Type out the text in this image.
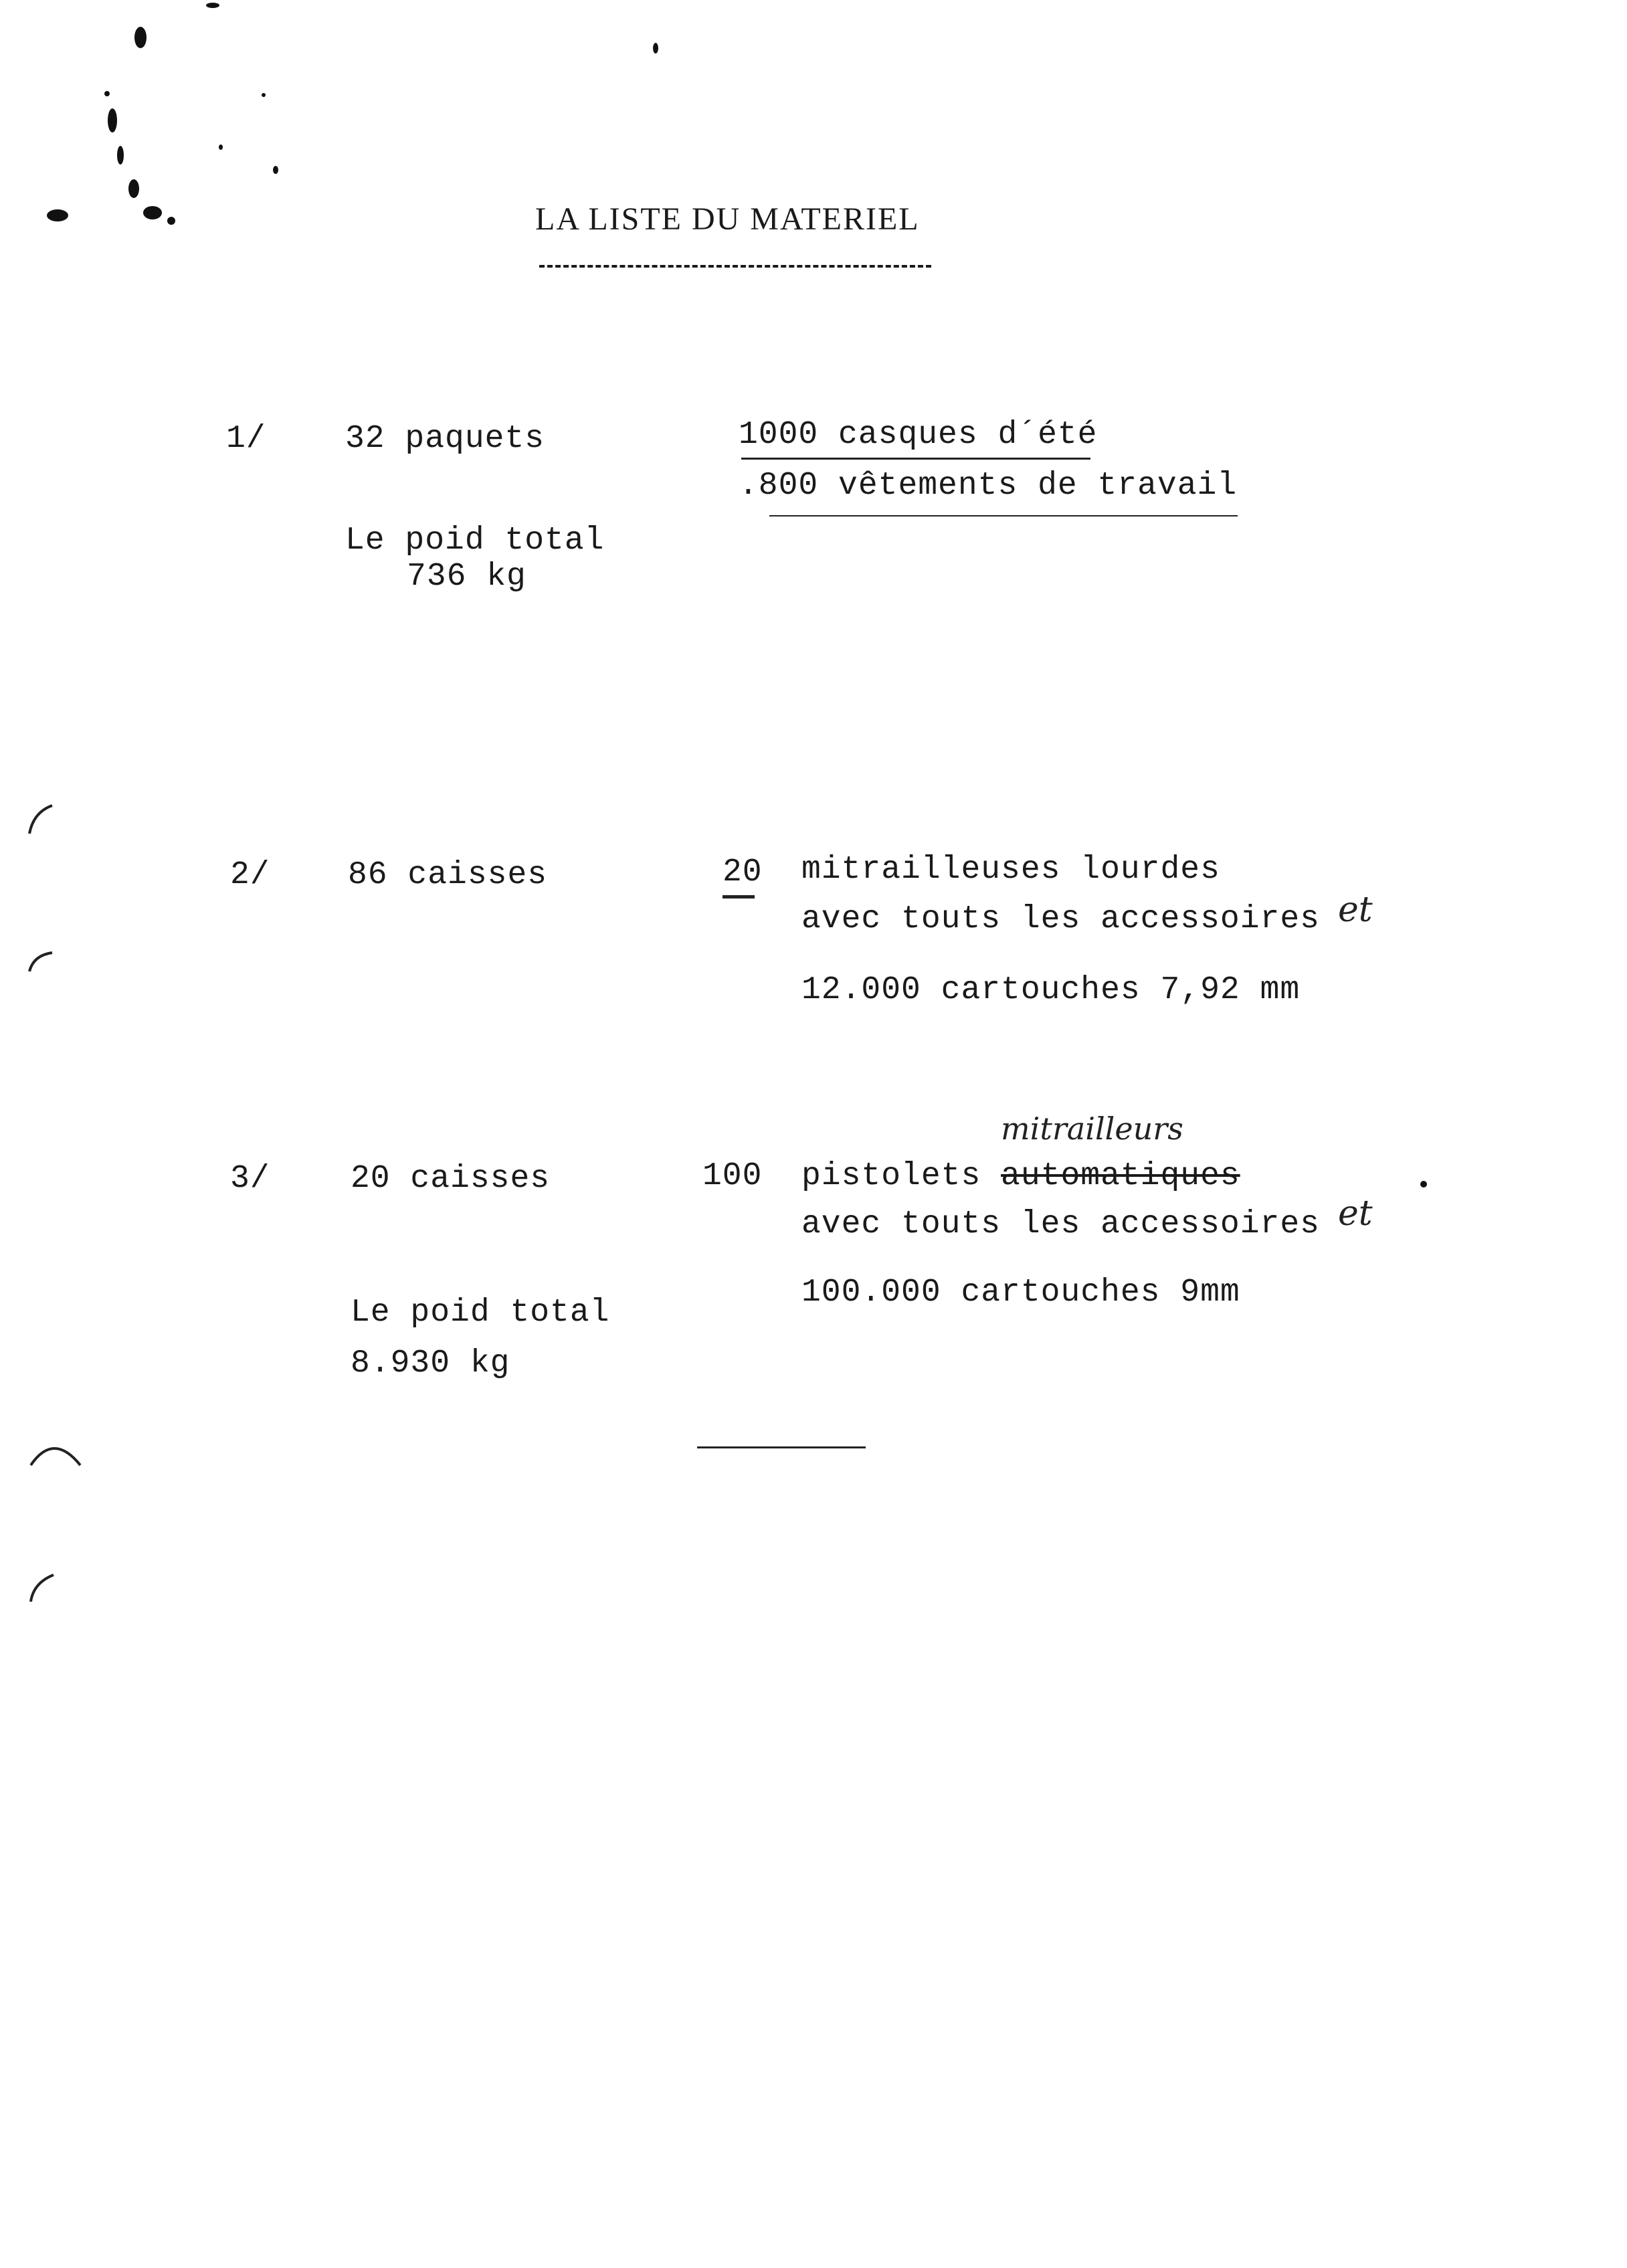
LA LISTE DU MATERIEL
1/ 32 paquets	1000 casques d´été
.800 vêtements de travail
Le poid total
736 kg
2/ 86 caisses	20 mitrailleuses lourdes
avec touts les accessoires et
12.000 cartouches 7,92 mm
3/	20 caisses	100
mitrailleurs
pistolets automatiques
avec touts les accessoires et
100.000 cartouches 9mm
Le poid total
8.930 kg
